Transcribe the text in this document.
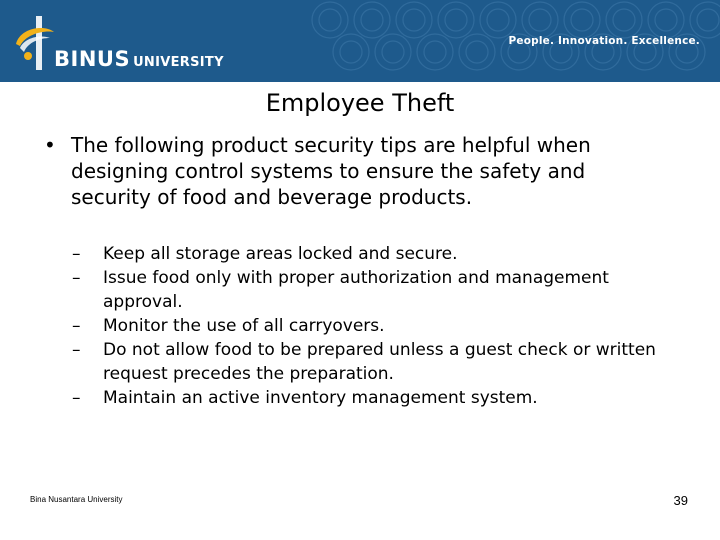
BINUS UNIVERSITY
People. Innovation. Excellence.
Employee Theft
• The following product security tips are helpful when designing control systems to ensure the safety and security of food and beverage products.
– Keep all storage areas locked and secure.
– Issue food only with proper authorization and management approval.
– Monitor the use of all carryovers.
– Do not allow food to be prepared unless a guest check or written request precedes the preparation.
– Maintain an active inventory management system.
Bina Nusantara University	39
